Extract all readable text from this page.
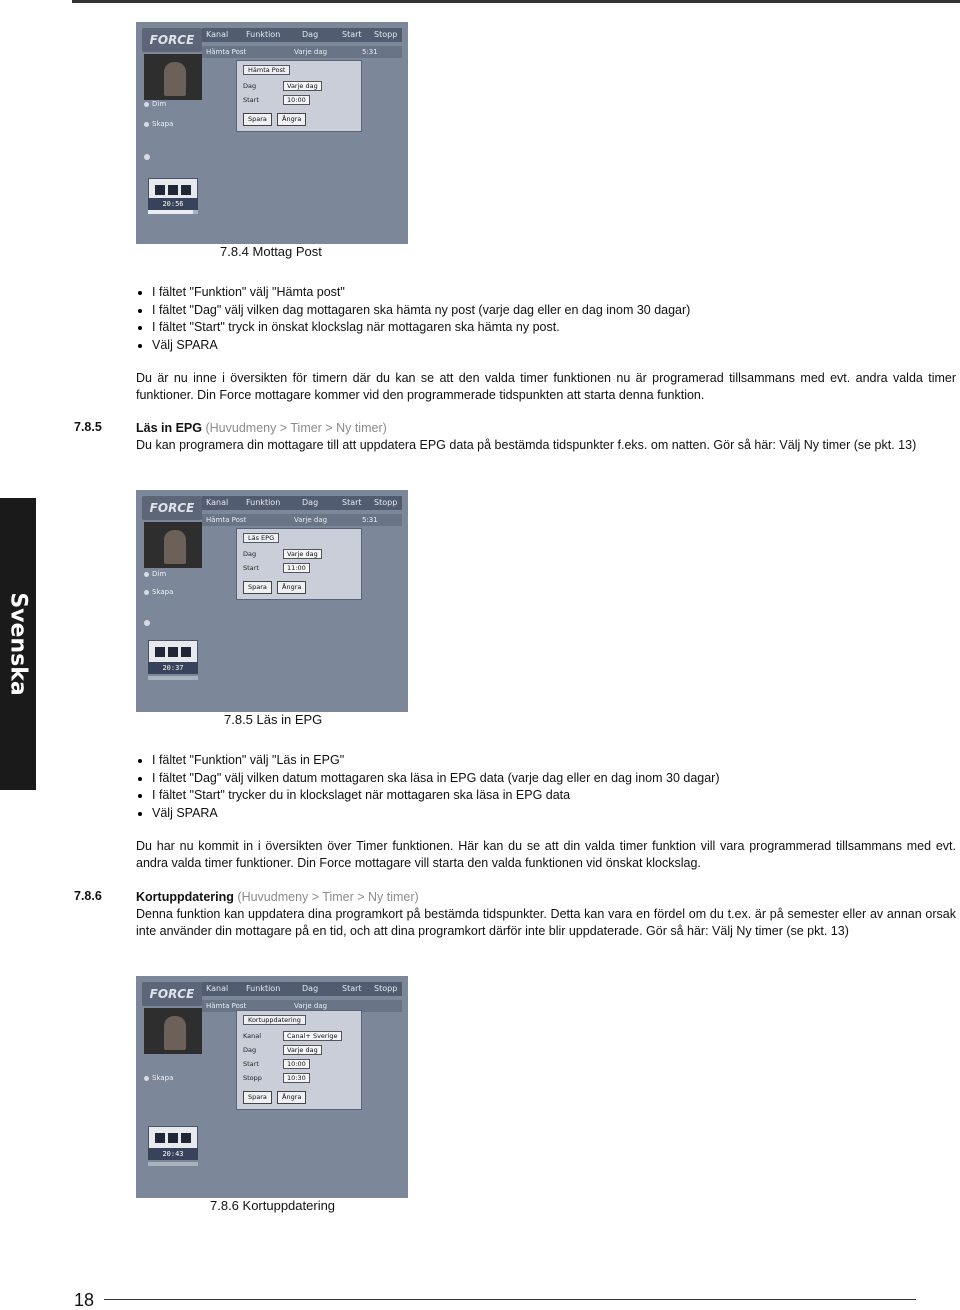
Svenska
FORCE	Kanal Funktion	Dag	Start Stopp
Hämta Post	Varje dag	5:31
Dim
Skapa
20:56
Hämta Post
Dag	Varje dag
Start	10:00
Spara	Ångra
7.8.4 Mottag Post
I fältet "Funktion" välj "Hämta post"
I fältet "Dag" välj vilken dag mottagaren ska hämta ny post (varje dag eller en dag inom 30 dagar)
I fältet "Start" tryck in önskat klockslag när mottagaren ska hämta ny post.
Välj SPARA
Du är nu inne i översikten för timern där du kan se att den valda timer funktionen nu är programerad tillsammans med evt. andra valda timer funktioner. Din Force mottagare kommer vid den programmerade tidspunkten att starta denna funktion.
7.8.5	Läs in EPG (Huvudmeny > Timer > Ny timer)
Du kan programera din mottagare till att uppdatera EPG data på bestämda tidspunkter f.eks. om natten. Gör så här: Välj Ny timer (se pkt. 13)
FORCE	Kanal Funktion	Dag	Start Stopp
Hämta Post	Varje dag	5:31
Dim
Skapa
20:37
Läs EPG
Dag	Varje dag
Start	11:00
Spara	Ångra
7.8.5 Läs in EPG
I fältet "Funktion" välj "Läs in EPG"
I fältet "Dag" välj vilken datum mottagaren ska läsa in EPG data (varje dag eller en dag inom 30 dagar)
I fältet "Start" trycker du in klockslaget när mottagaren ska läsa in EPG data
Välj SPARA
Du har nu kommit in i översikten över Timer funktionen. Här kan du se att din valda timer funktion vill vara programmerad tillsammans med evt. andra valda timer funktioner. Din Force mottagare vill starta den valda funktionen vid önskat klockslag.
7.8.6	Kortuppdatering (Huvudmeny > Timer > Ny timer)
Denna funktion kan uppdatera dina programkort på bestämda tidspunkter. Detta kan vara en fördel om du t.ex. är på semester eller av annan orsak inte använder din mottagare på en tid, och att dina programkort därför inte blir uppdaterade. Gör så här: Välj Ny timer (se pkt. 13)
FORCE	Kanal Funktion	Dag	Start Stopp
Hämta Post	Varje dag
Skapa
20:43
Kortuppdatering
Kanal	Canal+ Sverige
Dag	Varje dag
Start	10:00
Stopp	10:30
Spara	Ångra
7.8.6 Kortuppdatering
18
